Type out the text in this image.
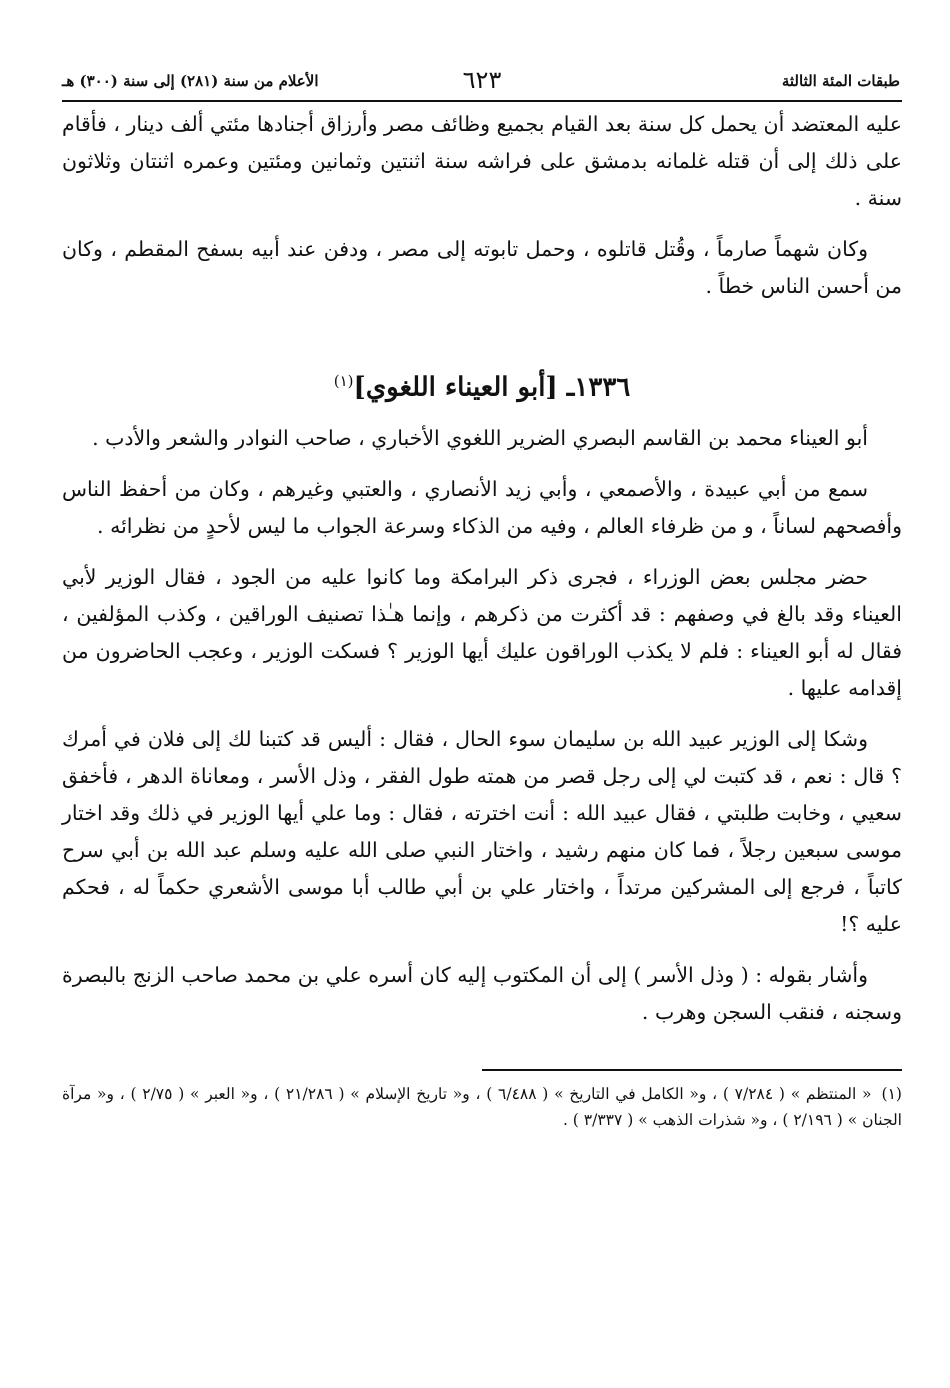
طبقات المئة الثالثة
٦٢٣
الأعلام من سنة (٢٨١) إلى سنة (٣٠٠) هـ

عليه المعتضد أن يحمل كل سنة بعد القيام بجميع وظائف مصر وأرزاق أجنادها مئتي ألف دينار ، فأقام على ذلك إلى أن قتله غلمانه بدمشق على فراشه سنة اثنتين وثمانين ومئتين وعمره اثنتان وثلاثون سنة .

وكان شهماً صارماً ، وقُتل قاتلوه ، وحمل تابوته إلى مصر ، ودفن عند أبيه بسفح المقطم ، وكان من أحسن الناس خطاً .

١٣٣٦ـ [أبو العيناء اللغوي]$^{(١)}$

أبو العيناء محمد بن القاسم البصري الضرير اللغوي الأخباري ، صاحب النوادر والشعر والأدب .

سمع من أبي عبيدة ، والأصمعي ، وأبي زيد الأنصاري ، والعتبي وغيرهم ، وكان من أحفظ الناس وأفصحهم لساناً ، و من ظرفاء العالم ، وفيه من الذكاء وسرعة الجواب ما ليس لأحدٍ من نظرائه .

حضر مجلس بعض الوزراء ، فجرى ذكر البرامكة وما كانوا عليه من الجود ، فقال الوزير لأبي العيناء وقد بالغ في وصفهم : قد أكثرت من ذكرهم ، وإنما هـٰذا تصنيف الوراقين ، وكذب المؤلفين ، فقال له أبو العيناء : فلم لا يكذب الوراقون عليك أيها الوزير ؟ فسكت الوزير ، وعجب الحاضرون من إقدامه عليها .

وشكا إلى الوزير عبيد الله بن سليمان سوء الحال ، فقال : أليس قد كتبنا لك إلى فلان في أمرك ؟ قال : نعم ، قد كتبت لي إلى رجل قصر من همته طول الفقر ، وذل الأسر ، ومعاناة الدهر ، فأخفق سعيي ، وخابت طلبتي ، فقال عبيد الله : أنت اخترته ، فقال : وما علي أيها الوزير في ذلك وقد اختار موسى سبعين رجلاً ، فما كان منهم رشيد ، واختار النبي صلى الله عليه وسلم عبد الله بن أبي سرح كاتباً ، فرجع إلى المشركين مرتداً ، واختار علي بن أبي طالب أبا موسى الأشعري حكماً له ، فحكم عليه ؟!

وأشار بقوله : ( وذل الأسر ) إلى أن المكتوب إليه كان أسره علي بن محمد صاحب الزنج بالبصرة وسجنه ، فنقب السجن وهرب .

(١)« المنتظم » ( ٧/٢٨٤ ) ، و« الكامل في التاريخ » ( ٦/٤٨٨ ) ، و« تاريخ الإسلام » ( ٢١/٢٨٦ ) ، و« العبر » ( ٢/٧٥ ) ، و« مرآة الجنان » ( ٢/١٩٦ ) ، و« شذرات الذهب » ( ٣/٣٣٧ ) .
